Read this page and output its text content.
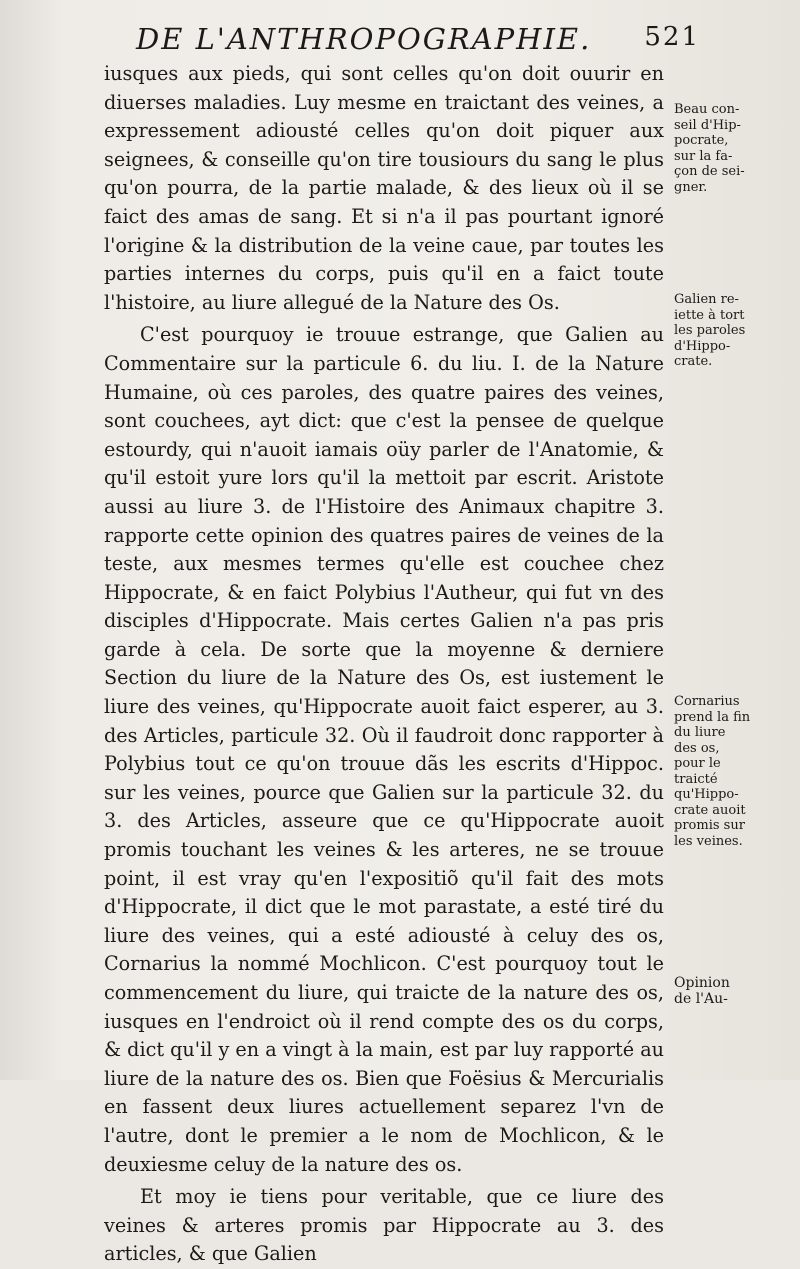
DE L'ANTHROPOGRAPHIE. 521

iusques aux pieds, qui sont celles qu'on doit ouurir en diuerses maladies. Luy mesme en traictant des veines, a expressement adiousté celles qu'on doit piquer aux seignees, & conseille qu'on tire tousiours du sang le plus qu'on pourra, de la partie malade, & des lieux où il se faict des amas de sang. Et si n'a il pas pourtant ignoré l'origine & la distribution de la veine caue, par toutes les parties internes du corps, puis qu'il en a faict toute l'histoire, au liure allegué de la Nature des Os.

C'est pourquoy ie trouue estrange, que Galien au Commentaire sur la particule 6. du liu. I. de la Nature Humaine, où ces paroles, des quatre paires des veines, sont couchees, ayt dict: que c'est la pensee de quelque estourdy, qui n'auoit iamais oüy parler de l'Anatomie, & qu'il estoit yure lors qu'il la mettoit par escrit. Aristote aussi au liure 3. de l'Histoire des Animaux chapitre 3. rapporte cette opinion des quatres paires de veines de la teste, aux mesmes termes qu'elle est couchee chez Hippocrate, & en faict Polybius l'Autheur, qui fut vn des disciples d'Hippocrate. Mais certes Galien n'a pas pris garde à cela. De sorte que la moyenne & derniere Section du liure de la Nature des Os, est iustement le liure des veines, qu'Hippocrate auoit faict esperer, au 3. des Articles, particule 32. Où il faudroit donc rapporter à Polybius tout ce qu'on trouue dãs les escrits d'Hippoc. sur les veines, pource que Galien sur la particule 32. du 3. des Articles, asseure que ce qu'Hippocrate auoit promis touchant les veines & les arteres, ne se trouue point, il est vray qu'en l'expositiõ qu'il fait des mots d'Hippocrate, il dict que le mot parastate, a esté tiré du liure des veines, qui a esté adiousté à celuy des os, Cornarius la nommé Mochlicon. C'est pourquoy tout le commencement du liure, qui traicte de la nature des os, iusques en l'endroict où il rend compte des os du corps, & dict qu'il y en a vingt à la main, est par luy rapporté au liure de la nature des os. Bien que Foësius & Mercurialis en fassent deux liures actuellement separez l'vn de l'autre, dont le premier a le nom de Mochlicon, & le deuxiesme celuy de la nature des os.

Et moy ie tiens pour veritable, que ce liure des veines & arteres promis par Hippocrate au 3. des articles, & que Galien

Beau con-
seil d'Hip-
pocrate,
sur la fa-
çon de sei-
gner.
Galien re-
iette à tort
les paroles
d'Hippo-
crate.
Cornarius
prend la fin
du liure
des os,
pour le
traicté
qu'Hippo-
crate auoit
promis sur
les veines.
Opinion
de l'Au-
